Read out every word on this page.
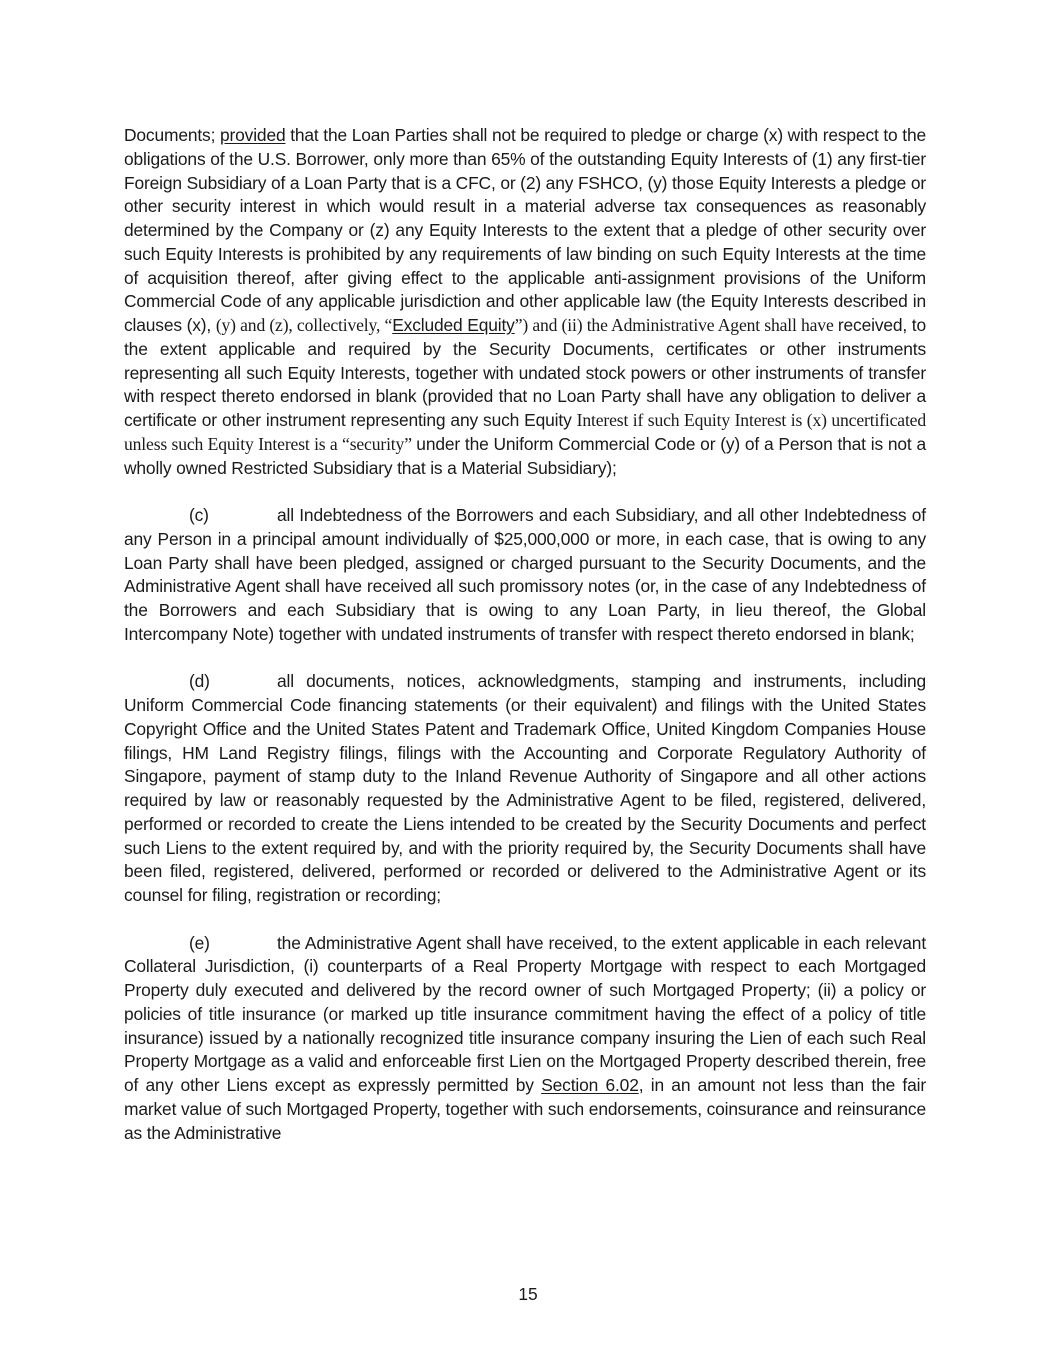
Documents; provided that the Loan Parties shall not be required to pledge or charge (x) with respect to the obligations of the U.S. Borrower, only more than 65% of the outstanding Equity Interests of (1) any first-tier Foreign Subsidiary of a Loan Party that is a CFC, or (2) any FSHCO, (y) those Equity Interests a pledge or other security interest in which would result in a material adverse tax consequences as reasonably determined by the Company or (z) any Equity Interests to the extent that a pledge of other security over such Equity Interests is prohibited by any requirements of law binding on such Equity Interests at the time of acquisition thereof, after giving effect to the applicable anti-assignment provisions of the Uniform Commercial Code of any applicable jurisdiction and other applicable law (the Equity Interests described in clauses (x), (y) and (z), collectively, “Excluded Equity”) and (ii) the Administrative Agent shall have received, to the extent applicable and required by the Security Documents, certificates or other instruments representing all such Equity Interests, together with undated stock powers or other instruments of transfer with respect thereto endorsed in blank (provided that no Loan Party shall have any obligation to deliver a certificate or other instrument representing any such Equity Interest if such Equity Interest is (x) uncertificated unless such Equity Interest is a “security” under the Uniform Commercial Code or (y) of a Person that is not a wholly owned Restricted Subsidiary that is a Material Subsidiary);

(c)	all Indebtedness of the Borrowers and each Subsidiary, and all other Indebtedness of any Person in a principal amount individually of $25,000,000 or more, in each case, that is owing to any Loan Party shall have been pledged, assigned or charged pursuant to the Security Documents, and the Administrative Agent shall have received all such promissory notes (or, in the case of any Indebtedness of the Borrowers and each Subsidiary that is owing to any Loan Party, in lieu thereof, the Global Intercompany Note) together with undated instruments of transfer with respect thereto endorsed in blank;

(d)	all documents, notices, acknowledgments, stamping and instruments, including Uniform Commercial Code financing statements (or their equivalent) and filings with the United States Copyright Office and the United States Patent and Trademark Office, United Kingdom Companies House filings, HM Land Registry filings, filings with the Accounting and Corporate Regulatory Authority of Singapore, payment of stamp duty to the Inland Revenue Authority of Singapore and all other actions required by law or reasonably requested by the Administrative Agent to be filed, registered, delivered, performed or recorded to create the Liens intended to be created by the Security Documents and perfect such Liens to the extent required by, and with the priority required by, the Security Documents shall have been filed, registered, delivered, performed or recorded or delivered to the Administrative Agent or its counsel for filing, registration or recording;

(e)	the Administrative Agent shall have received, to the extent applicable in each relevant Collateral Jurisdiction, (i) counterparts of a Real Property Mortgage with respect to each Mortgaged Property duly executed and delivered by the record owner of such Mortgaged Property; (ii) a policy or policies of title insurance (or marked up title insurance commitment having the effect of a policy of title insurance) issued by a nationally recognized title insurance company insuring the Lien of each such Real Property Mortgage as a valid and enforceable first Lien on the Mortgaged Property described therein, free of any other Liens except as expressly permitted by Section 6.02, in an amount not less than the fair market value of such Mortgaged Property, together with such endorsements, coinsurance and reinsurance as the Administrative

15
